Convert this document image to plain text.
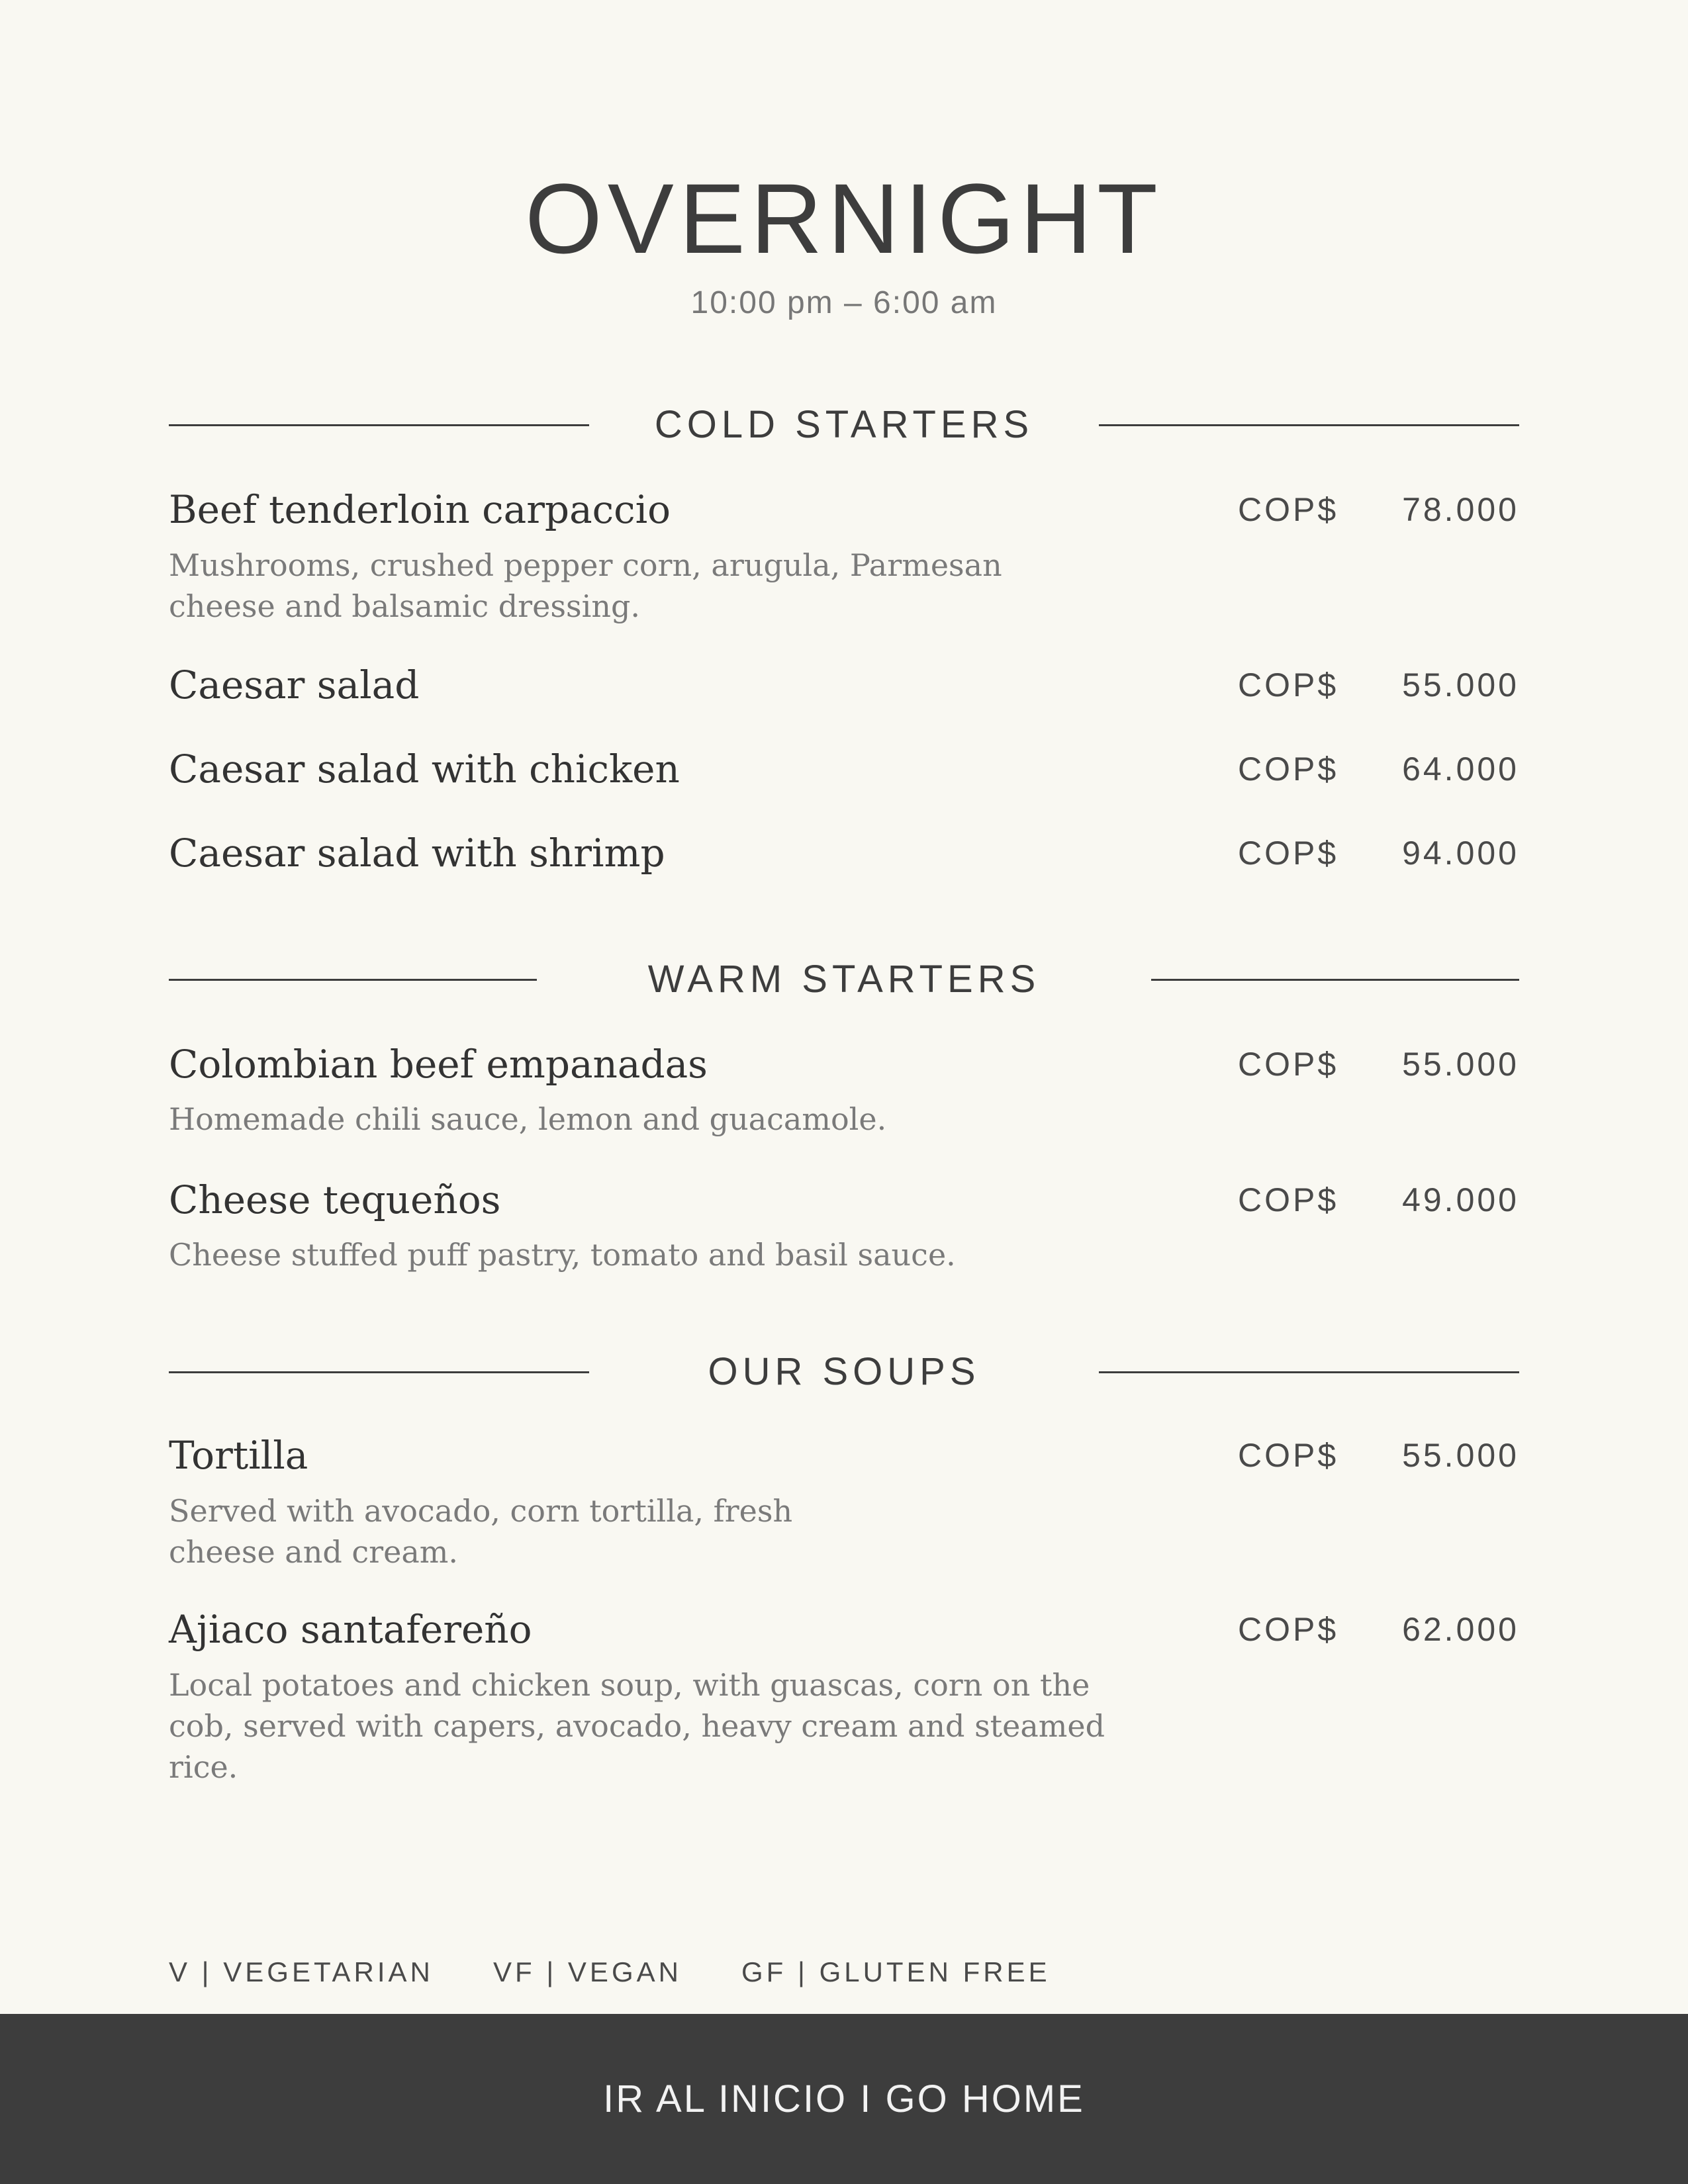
OVERNIGHT
10:00 pm – 6:00 am
COLD STARTERS
Beef tenderloin carpaccio	COP$ 78.000
Mushrooms, crushed pepper corn, arugula, Parmesan cheese and balsamic dressing.
Caesar salad	COP$ 55.000
Caesar salad with chicken	COP$ 64.000
Caesar salad with shrimp	COP$ 94.000
WARM STARTERS
Colombian beef empanadas	COP$ 55.000
Homemade chili sauce, lemon and guacamole.
Cheese tequeños	COP$ 49.000
Cheese stuffed puff pastry, tomato and basil sauce.
OUR SOUPS
Tortilla	COP$ 55.000
Served with avocado, corn tortilla, fresh cheese and cream.
Ajiaco santafereño	COP$ 62.000
Local potatoes and chicken soup, with guascas, corn on the cob, served with capers, avocado, heavy cream and steamed rice.
V | VEGETARIAN VF | VEGAN GF | GLUTEN FREE
IR AL INICIO I GO HOME
